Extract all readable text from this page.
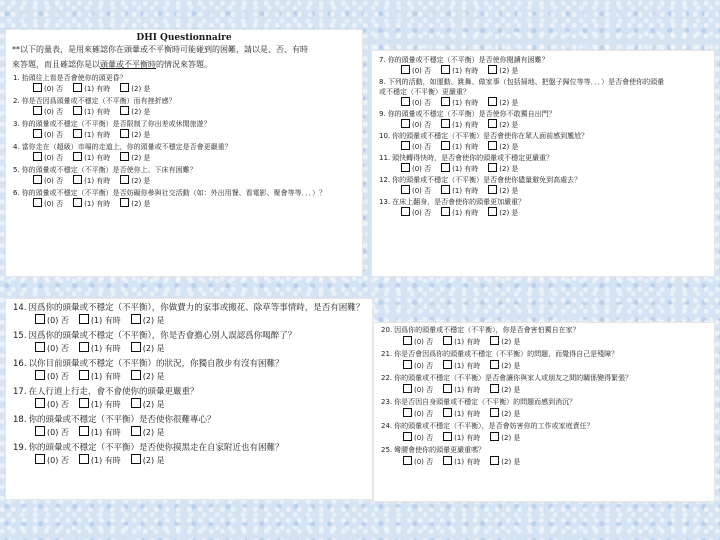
DHI Questionnaire
**以下的量表，是用來確認你在頭暈或不平衡時可能碰到的困難，請以是、否、有時
來答題，而且確認你是以頭暈或不平衡時的情況來答題。
1. 抬頭往上看是否會使你的頭更昏？
(0) 否	(1) 有時	(2) 是
2. 你是否因爲頭暈或不穩定（不平衡）而有挫折感？
(0) 否	(1) 有時	(2) 是
3. 你的頭暈或不穩定（不平衡）是否限制了你出差或休閒旅遊？
(0) 否	(1) 有時	(2) 是
4. 當你走在（超級）市場的走道上，你的頭暈或不穩定是否會更嚴重？
(0) 否	(1) 有時	(2) 是
5. 你的頭暈或不穩定（不平衡）是否使你上、下床有困難？
(0) 否	(1) 有時	(2) 是
6. 你的頭暈或不穩定（不平衡）是否妨礙你參與社交活動（如：外出用餐、看電影、聚會等等．．．）？
(0) 否	(1) 有時	(2) 是
7. 你的頭暈或不穩定（不平衡）是否使你閱讀有困難？
(0) 否	(1) 有時	(2) 是
8. 下列的活動，如運動、跳舞、做家事（包括掃地、把盤子歸位等等．．．）是否會使你的頭暈
或不穩定（不平衡）更嚴重？
(0) 否	(1) 有時	(2) 是
9. 你的頭暈或不穩定（不平衡）是否使你不敢獨自出門？
(0) 否	(1) 有時	(2) 是
10. 你的頭暈或不穩定（不平衡）是否會使你在眾人面前感到尷尬？
(0) 否	(1) 有時	(2) 是
11. 頭快轉得快時，是否會使你的頭暈或不穩定更嚴重？
(0) 否	(1) 有時	(2) 是
12. 你的頭暈或不穩定（不平衡）是否會使你儘量避免到高處去？
(0) 否	(1) 有時	(2) 是
13. 在床上翻身，是否會使你的頭暈更加嚴重？
(0) 否	(1) 有時	(2) 是
14. 因爲你的頭暈或不穩定（不平衡），你做費力的家事或搬花、除草等事情時，是否有困難？
(0) 否	(1) 有時	(2) 是
15. 因爲你的頭暈或不穩定（不平衡），你是否會擔心別人誤認爲你喝醉了？
(0) 否	(1) 有時	(2) 是
16. 以你目前頭暈或不穩定（不平衡）的狀況，你獨自散步有沒有困難？
(0) 否	(1) 有時	(2) 是
17. 在人行道上行走，會不會使你的頭暈更嚴重？
(0) 否	(1) 有時	(2) 是
18. 你的頭暈或不穩定（不平衡）是否使你很難專心？
(0) 否	(1) 有時	(2) 是
19. 你的頭暈或不穩定（不平衡）是否使你摸黑走在自家附近也有困難？
(0) 否	(1) 有時	(2) 是
20. 因爲你的頭暈或不穩定（不平衡），你是否會害怕獨自在家？
(0) 否	(1) 有時	(2) 是
21. 你是否會因爲你的頭暈或不穩定（不平衡）的問題，而覺得自己是殘障？
(0) 否	(1) 有時	(2) 是
22. 你的頭暈或不穩定（不平衡）是否會讓你與家人或朋友之間的關係變得緊張？
(0) 否	(1) 有時	(2) 是
23. 你是否因自身頭暈或不穩定（不平衡）的問題而感到消沉？
(0) 否	(1) 有時	(2) 是
24. 你的頭暈或不穩定（不平衡），是否會妨害你的工作或家庭責任？
(0) 否	(1) 有時	(2) 是
25. 彎腰會使你的頭暈更嚴重嗎？
(0) 否	(1) 有時	(2) 是
